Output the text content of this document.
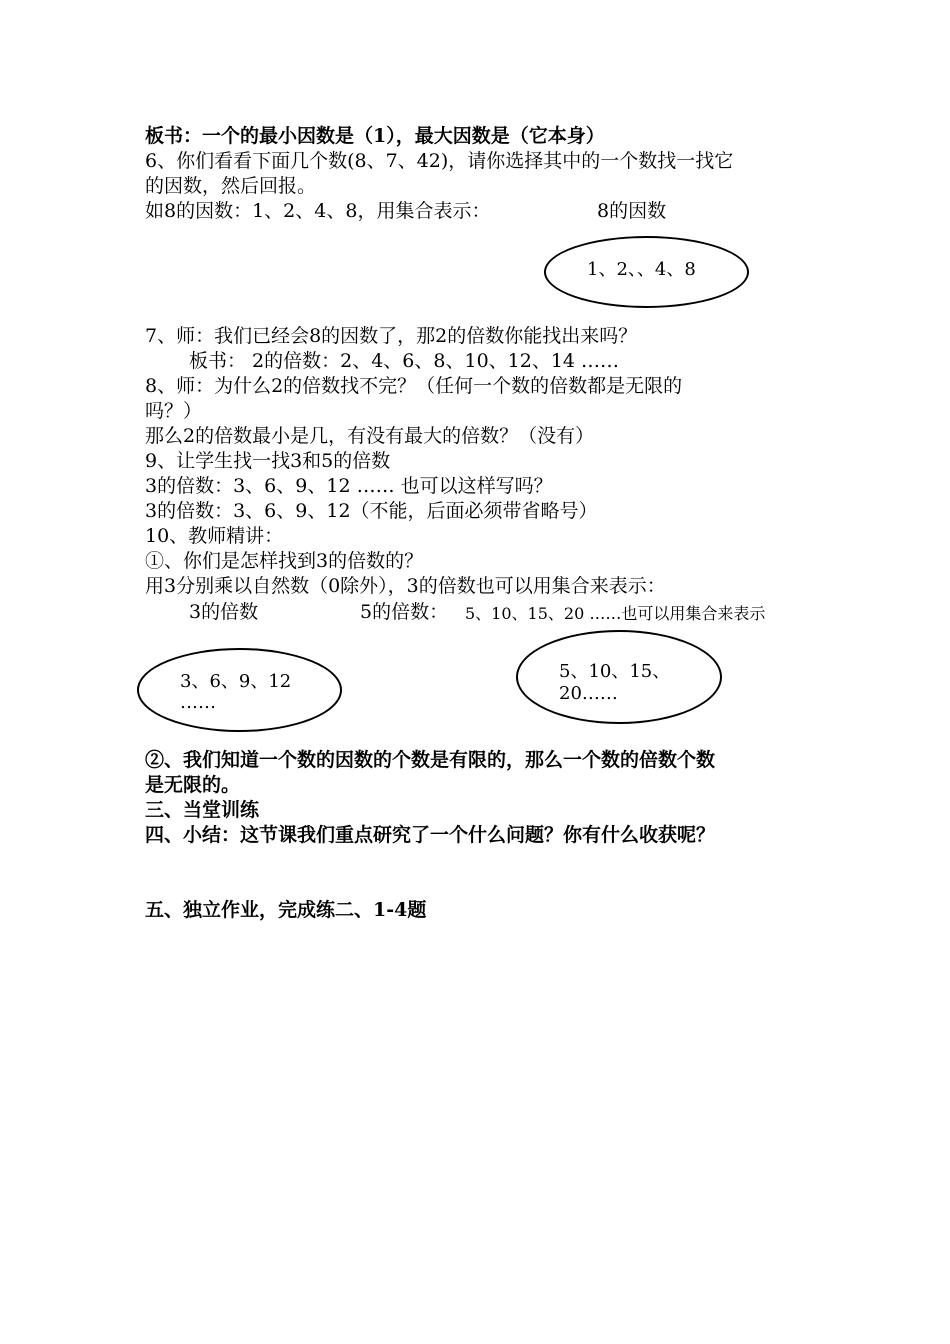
板书：一个的最小因数是（1），最大因数是（它本身）
6、你们看看下面几个数(8、7、42)，请你选择其中的一个数找一找它
的因数，然后回报。
如8的因数：1、2、4、8，用集合表示：	8的因数
1、2、、4、8
7、师：我们已经会8的因数了，那2的倍数你能找出来吗？
板书： 2的倍数：2、4、6、8、10、12、14 ……
8、师：为什么2的倍数找不完？（任何一个数的倍数都是无限的
吗？）
那么2的倍数最小是几，有没有最大的倍数？（没有）
9、让学生找一找3和5的倍数
3的倍数：3、6、9、12 …… 也可以这样写吗？
3的倍数：3、6、9、12（不能，后面必须带省略号）
10、教师精讲：
①、你们是怎样找到3的倍数的？
用3分别乘以自然数（0除外），3的倍数也可以用集合来表示：
3的倍数	5的倍数： 5、10、15、20 ……也可以用集合来表示
3、6、9、12
……
5、10、15、
20……
②、我们知道一个数的因数的个数是有限的，那么一个数的倍数个数
是无限的。
三、当堂训练
四、小结：这节课我们重点研究了一个什么问题？你有什么收获呢？
五、独立作业，完成练二、1-4题
